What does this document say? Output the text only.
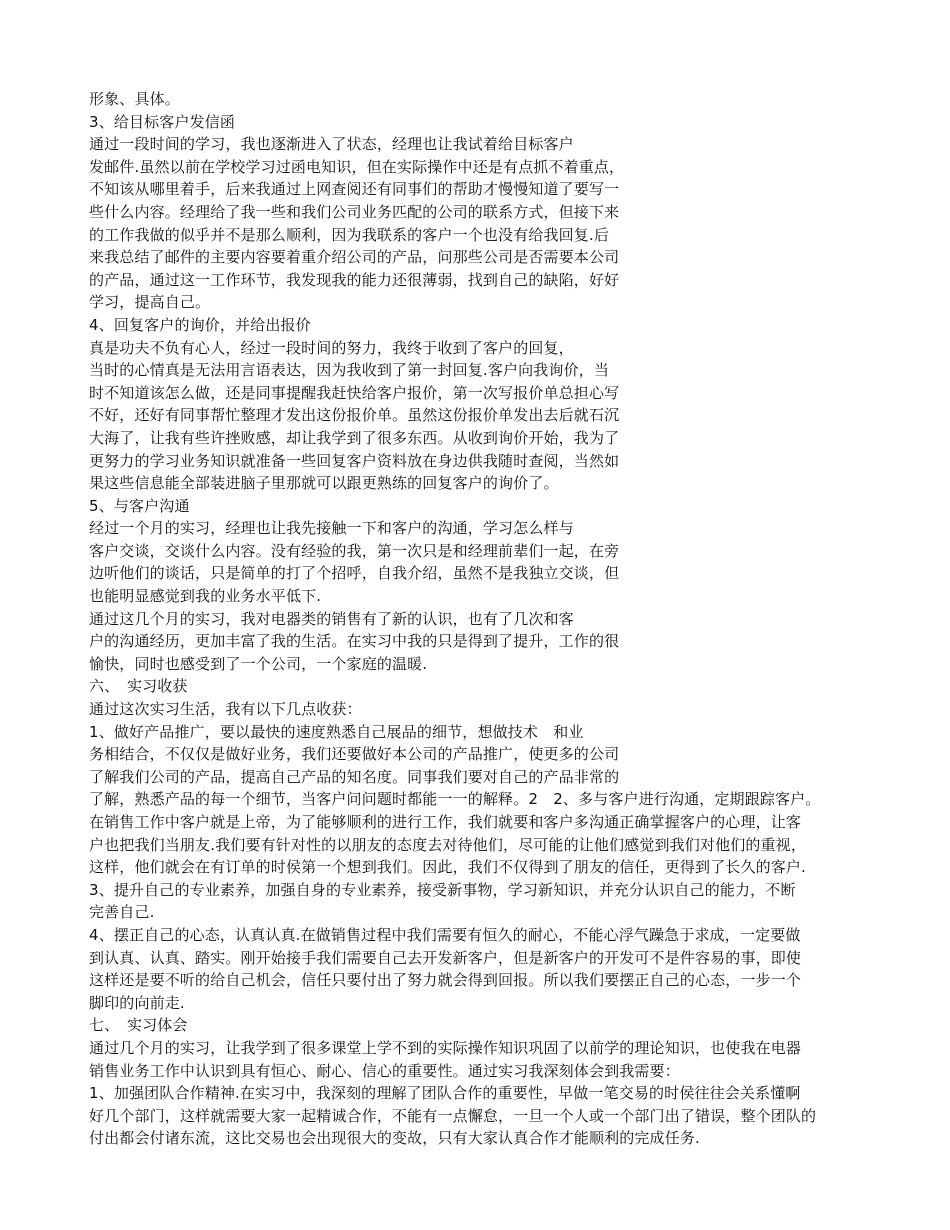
形象、具体。
3、给目标客户发信函
通过一段时间的学习，我也逐渐进入了状态，经理也让我试着给目标客户
发邮件.虽然以前在学校学习过函电知识，但在实际操作中还是有点抓不着重点，
不知该从哪里着手，后来我通过上网查阅还有同事们的帮助才慢慢知道了要写一
些什么内容。经理给了我一些和我们公司业务匹配的公司的联系方式，但接下来
的工作我做的似乎并不是那么顺利，因为我联系的客户一个也没有给我回复.后
来我总结了邮件的主要内容要着重介绍公司的产品，问那些公司是否需要本公司
的产品，通过这一工作环节，我发现我的能力还很薄弱，找到自己的缺陷，好好
学习，提高自己。
4、回复客户的询价，并给出报价
真是功夫不负有心人，经过一段时间的努力，我终于收到了客户的回复，
当时的心情真是无法用言语表达，因为我收到了第一封回复.客户向我询价，当
时不知道该怎么做，还是同事提醒我赶快给客户报价，第一次写报价单总担心写
不好，还好有同事帮忙整理才发出这份报价单。虽然这份报价单发出去后就石沉
大海了，让我有些许挫败感，却让我学到了很多东西。从收到询价开始，我为了
更努力的学习业务知识就准备一些回复客户资料放在身边供我随时查阅，当然如
果这些信息能全部装进脑子里那就可以跟更熟练的回复客户的询价了。
5、与客户沟通
经过一个月的实习，经理也让我先接触一下和客户的沟通，学习怎么样与
客户交谈，交谈什么内容。没有经验的我，第一次只是和经理前辈们一起，在旁
边听他们的谈话，只是简单的打了个招呼，自我介绍，虽然不是我独立交谈，但
也能明显感觉到我的业务水平低下.
通过这几个月的实习，我对电器类的销售有了新的认识，也有了几次和客
户的沟通经历，更加丰富了我的生活。在实习中我的只是得到了提升，工作的很
愉快，同时也感受到了一个公司，一个家庭的温暖.
六、　实习收获
通过这次实习生活，我有以下几点收获：
1、做好产品推广，要以最快的速度熟悉自己展品的细节，想做技术　和业
务相结合，不仅仅是做好业务，我们还要做好本公司的产品推广，使更多的公司
了解我们公司的产品，提高自己产品的知名度。同事我们要对自己的产品非常的
了解，熟悉产品的每一个细节，当客户问问题时都能一一的解释。2　2、多与客户进行沟通，定期跟踪客户。
在销售工作中客户就是上帝，为了能够顺利的进行工作，我们就要和客户多沟通正确掌握客户的心理，让客
户也把我们当朋友.我们要有针对性的以朋友的态度去对待他们，尽可能的让他们感觉到我们对他们的重视，
这样，他们就会在有订单的时侯第一个想到我们。因此，我们不仅得到了朋友的信任，更得到了长久的客户.
3、提升自己的专业素养，加强自身的专业素养，接受新事物，学习新知识，并充分认识自己的能力，不断
完善自己.
4、摆正自己的心态，认真认真.在做销售过程中我们需要有恒久的耐心，不能心浮气躁急于求成，一定要做
到认真、认真、踏实。刚开始接手我们需要自己去开发新客户，但是新客户的开发可不是件容易的事，即使
这样还是要不听的给自己机会，信任只要付出了努力就会得到回报。所以我们要摆正自己的心态，一步一个
脚印的向前走.
七、　实习体会
通过几个月的实习，让我学到了很多课堂上学不到的实际操作知识巩固了以前学的理论知识，也使我在电器
销售业务工作中认识到具有恒心、耐心、信心的重要性。通过实习我深刻体会到我需要：
1、加强团队合作精神.在实习中，我深刻的理解了团队合作的重要性，早做一笔交易的时侯往往会关系懂啊
好几个部门，这样就需要大家一起精诚合作，不能有一点懈怠，一旦一个人或一个部门出了错误，整个团队的
付出都会付诸东流，这比交易也会出现很大的变故，只有大家认真合作才能顺利的完成任务.
